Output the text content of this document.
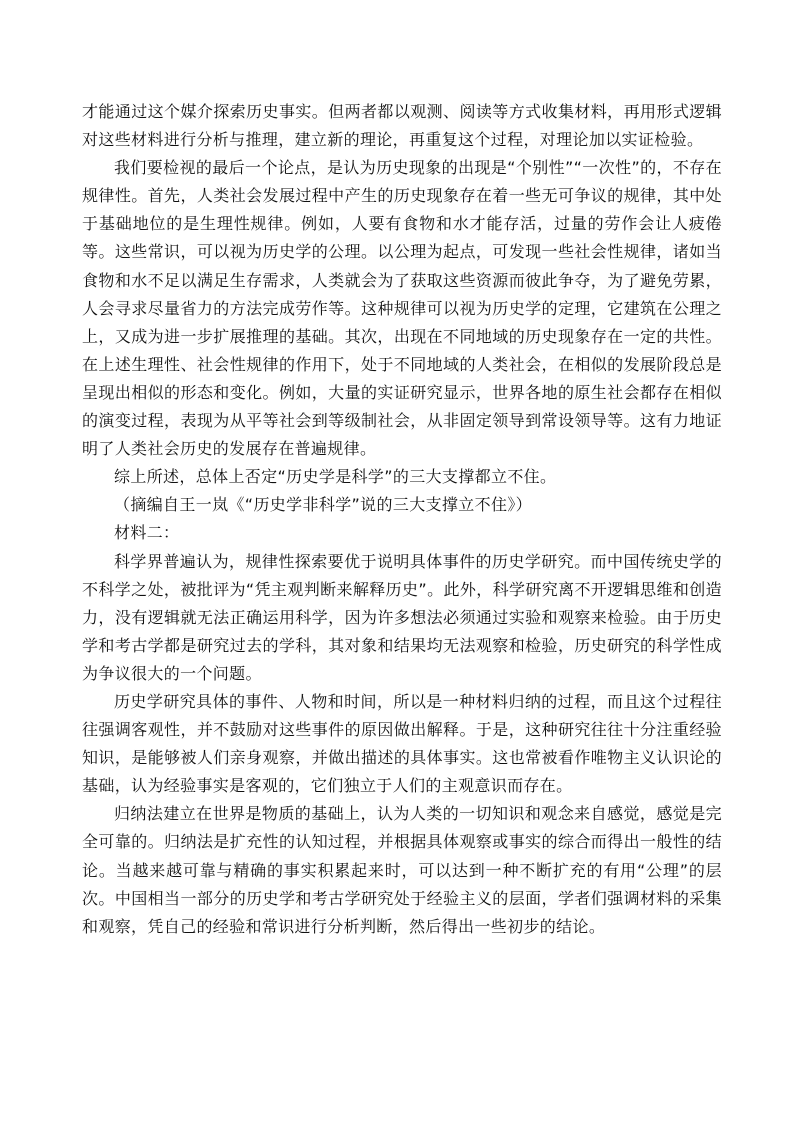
才能通过这个媒介探索历史事实。但两者都以观测、阅读等方式收集材料，再用形式逻辑对这些材料进行分析与推理，建立新的理论，再重复这个过程，对理论加以实证检验。

我们要检视的最后一个论点，是认为历史现象的出现是“个别性”“一次性”的，不存在规律性。首先，人类社会发展过程中产生的历史现象存在着一些无可争议的规律，其中处于基础地位的是生理性规律。例如，人要有食物和水才能存活，过量的劳作会让人疲倦等。这些常识，可以视为历史学的公理。以公理为起点，可发现一些社会性规律，诸如当食物和水不足以满足生存需求，人类就会为了获取这些资源而彼此争夺，为了避免劳累，人会寻求尽量省力的方法完成劳作等。这种规律可以视为历史学的定理，它建筑在公理之上，又成为进一步扩展推理的基础。其次，出现在不同地域的历史现象存在一定的共性。在上述生理性、社会性规律的作用下，处于不同地域的人类社会，在相似的发展阶段总是呈现出相似的形态和变化。例如，大量的实证研究显示，世界各地的原生社会都存在相似的演变过程，表现为从平等社会到等级制社会，从非固定领导到常设领导等。这有力地证明了人类社会历史的发展存在普遍规律。

综上所述，总体上否定“历史学是科学”的三大支撑都立不住。

（摘编自王一岚《“历史学非科学”说的三大支撑立不住》）

材料二：

科学界普遍认为，规律性探索要优于说明具体事件的历史学研究。而中国传统史学的不科学之处，被批评为“凭主观判断来解释历史”。此外，科学研究离不开逻辑思维和创造力，没有逻辑就无法正确运用科学，因为许多想法必须通过实验和观察来检验。由于历史学和考古学都是研究过去的学科，其对象和结果均无法观察和检验，历史研究的科学性成为争议很大的一个问题。

历史学研究具体的事件、人物和时间，所以是一种材料归纳的过程，而且这个过程往往强调客观性，并不鼓励对这些事件的原因做出解释。于是，这种研究往往十分注重经验知识，是能够被人们亲身观察，并做出描述的具体事实。这也常被看作唯物主义认识论的基础，认为经验事实是客观的，它们独立于人们的主观意识而存在。

归纳法建立在世界是物质的基础上，认为人类的一切知识和观念来自感觉，感觉是完全可靠的。归纳法是扩充性的认知过程，并根据具体观察或事实的综合而得出一般性的结论。当越来越可靠与精确的事实积累起来时，可以达到一种不断扩充的有用“公理”的层次。中国相当一部分的历史学和考古学研究处于经验主义的层面，学者们强调材料的采集和观察，凭自己的经验和常识进行分析判断，然后得出一些初步的结论。
